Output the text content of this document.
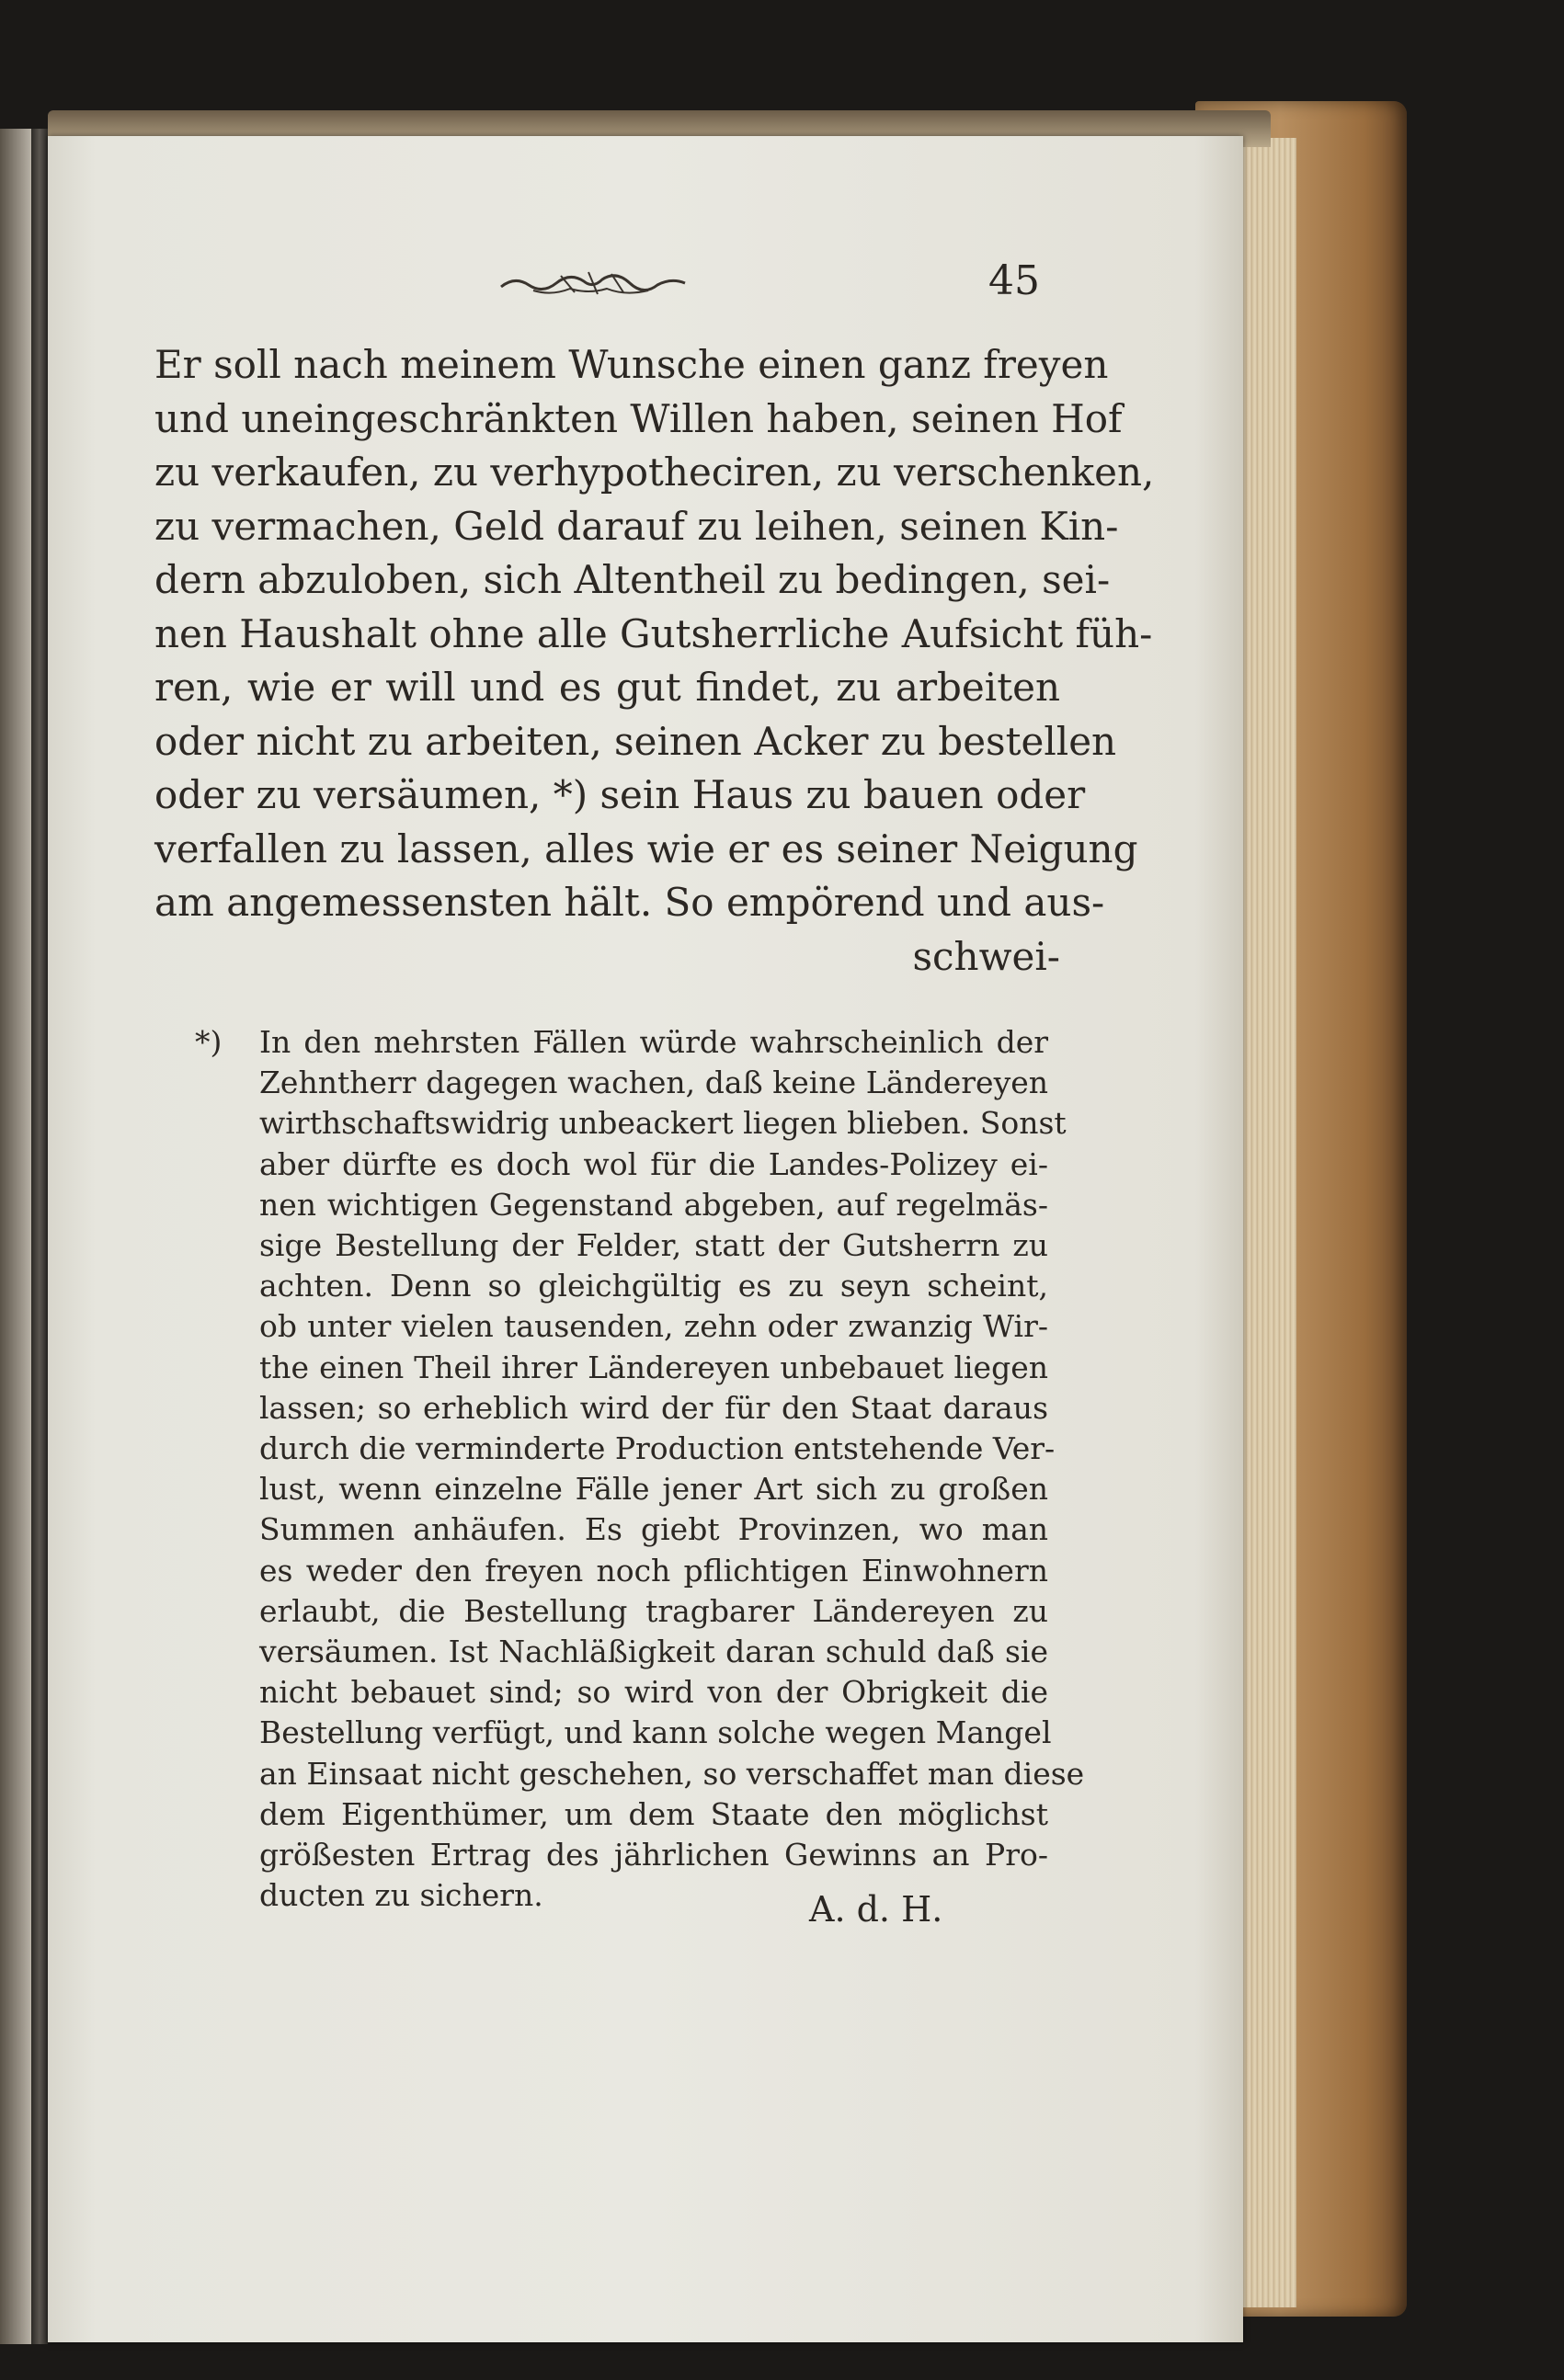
45
Er soll nach meinem Wunsche einen ganz freyen
und uneingeschränkten Willen haben, seinen Hof
zu verkaufen, zu verhypotheciren, zu verschenken,
zu vermachen, Geld darauf zu leihen, seinen Kin-
dern abzuloben, sich Altentheil zu bedingen, sei-
nen Haushalt ohne alle Gutsherrliche Aufsicht füh-
ren, wie er will und es gut findet, zu arbeiten
oder nicht zu arbeiten, seinen Acker zu bestellen
oder zu versäumen, *) sein Haus zu bauen oder
verfallen zu lassen, alles wie er es seiner Neigung
am angemessensten hält. So empörend und aus-
schwei-
*) In den mehrsten Fällen würde wahrscheinlich der
Zehntherr dagegen wachen, daß keine Ländereyen
wirthschaftswidrig unbeackert liegen blieben. Sonst
aber dürfte es doch wol für die Landes-Polizey ei-
nen wichtigen Gegenstand abgeben, auf regelmäs-
sige Bestellung der Felder, statt der Gutsherrn zu
achten. Denn so gleichgültig es zu seyn scheint,
ob unter vielen tausenden, zehn oder zwanzig Wir-
the einen Theil ihrer Ländereyen unbebauet liegen
lassen; so erheblich wird der für den Staat daraus
durch die verminderte Production entstehende Ver-
lust, wenn einzelne Fälle jener Art sich zu großen
Summen anhäufen. Es giebt Provinzen, wo man
es weder den freyen noch pflichtigen Einwohnern
erlaubt, die Bestellung tragbarer Ländereyen zu
versäumen. Ist Nachläßigkeit daran schuld daß sie
nicht bebauet sind; so wird von der Obrigkeit die
Bestellung verfügt, und kann solche wegen Mangel
an Einsaat nicht geschehen, so verschaffet man diese
dem Eigenthümer, um dem Staate den möglichst
größesten Ertrag des jährlichen Gewinns an Pro-
ducten zu sichern.	A. d. H.
